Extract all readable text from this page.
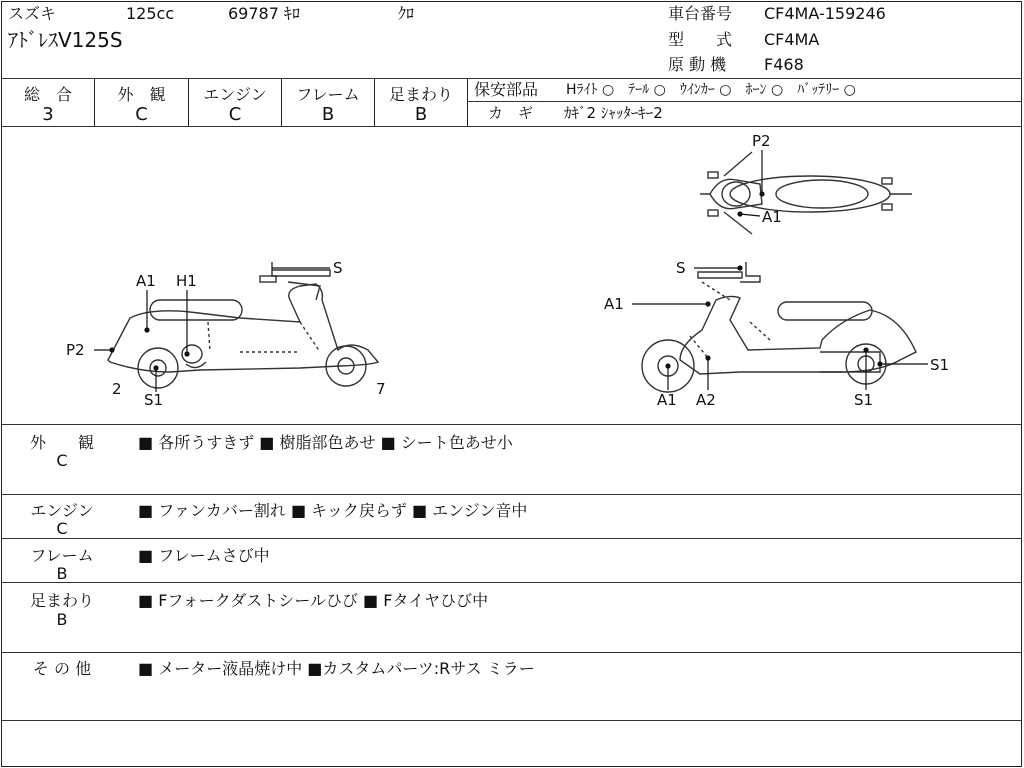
スズキ	125cc	69787 ｷﾛ	ｸﾛ
ｱﾄﾞﾚｽV125S
車台番号 CF4MA-159246
型　　式 CF4MA
原 動 機 F468
総　合
3
外　観
C
エンジン
C
フレーム
B
足まわり
B
保安部品 Hﾗｲﾄ ○　ﾃｰﾙ ○　ｳｲﾝｶｰ ○　ﾎｰﾝ ○　ﾊﾞｯﾃﾘｰ ○
カ　ギ ｶｷﾞ2 ｼｬｯﾀｰｷｰ2
A1 H1
P2
2
S1
7
S	S
A1
A1 A2	S1
S1
P2
A1
外　　観
C
■ 各所うすきず ■ 樹脂部色あせ ■ シート色あせ小
エンジン
C
■ ファンカバー割れ ■ キック戻らず ■ エンジン音中
フレーム
B
■ フレームさび中
足まわり
B
■ Fフォークダストシールひび ■ Fタイヤひび中
そ の 他	■ メーター液晶焼け中 ■カスタムパーツ:Rサス ミラー
